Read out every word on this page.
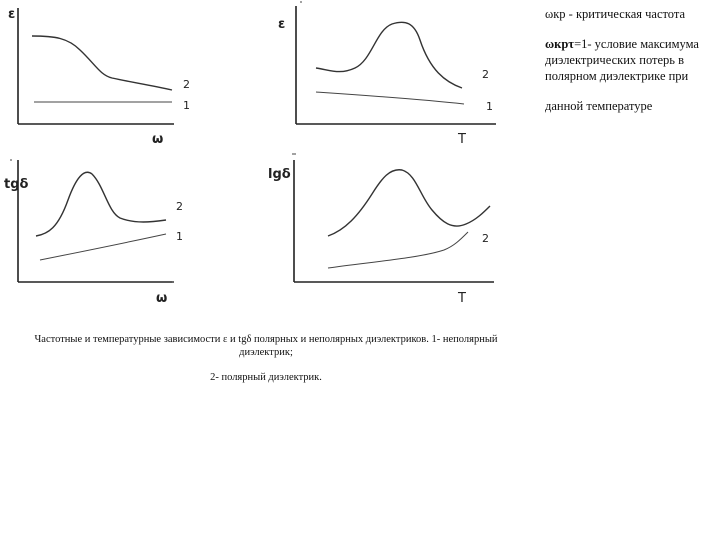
ε
ω
2
1
ε
T
2
1
tgδ
ω
2
1
lgδ
T
2

ωкр - критическая частота

ωкрτ=1- условие максимума диэлектрических потерь в полярном диэлектрике при

данной температуре

Частотные и температурные зависимости ε и tgδ полярных и неполярных диэлектриков. 1- неполярный диэлектрик;

2- полярный диэлектрик.
